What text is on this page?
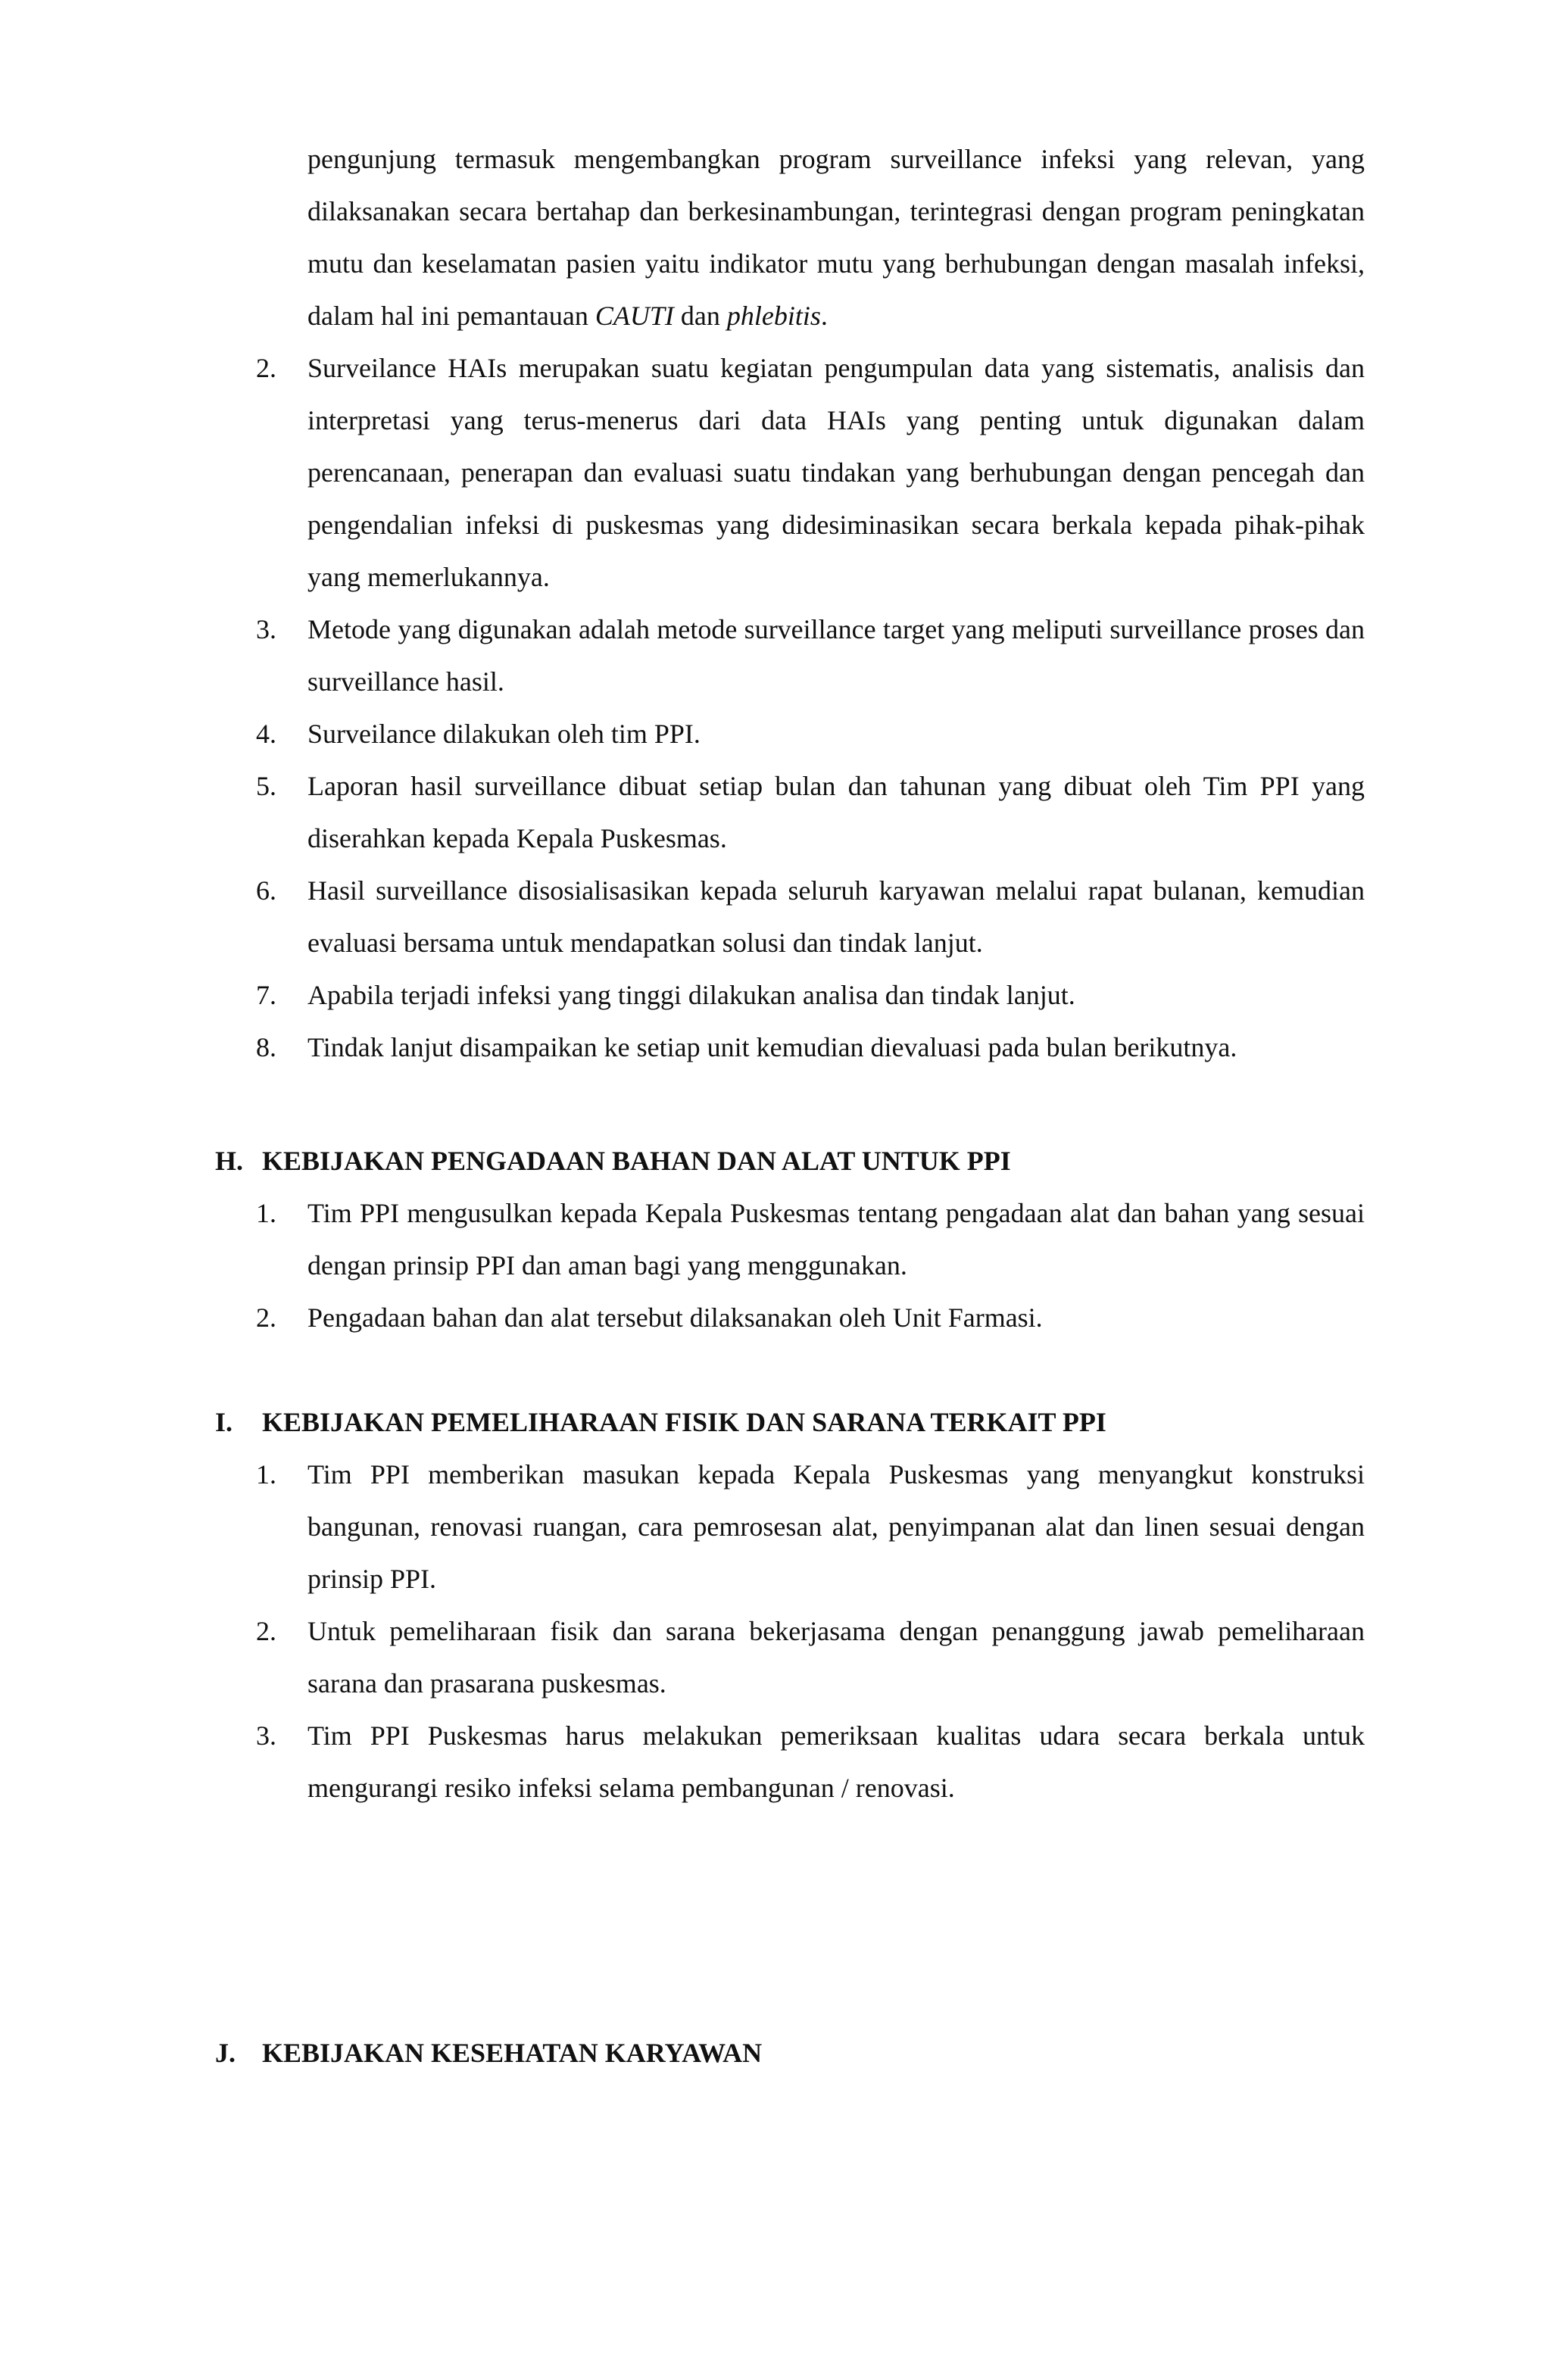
pengunjung termasuk mengembangkan program surveillance infeksi yang relevan, yang dilaksanakan secara bertahap dan berkesinambungan, terintegrasi dengan program peningkatan mutu dan keselamatan pasien yaitu indikator mutu yang berhubungan dengan masalah infeksi, dalam hal ini pemantauan CAUTI dan phlebitis.
2.	Surveilance HAIs merupakan suatu kegiatan pengumpulan data yang sistematis, analisis dan interpretasi yang terus-menerus dari data HAIs yang penting untuk digunakan dalam perencanaan, penerapan dan evaluasi suatu tindakan yang berhubungan dengan pencegah dan pengendalian infeksi di puskesmas yang didesiminasikan secara berkala kepada pihak-pihak yang memerlukannya.
3.	Metode yang digunakan adalah metode surveillance target yang meliputi surveillance proses dan surveillance hasil.
4.	Surveilance dilakukan oleh tim PPI.
5.	Laporan hasil surveillance dibuat setiap bulan dan tahunan yang dibuat oleh Tim PPI yang diserahkan kepada Kepala Puskesmas.
6.	Hasil surveillance disosialisasikan kepada seluruh karyawan melalui rapat bulanan, kemudian evaluasi bersama untuk mendapatkan solusi dan tindak lanjut.
7.	Apabila terjadi infeksi yang tinggi dilakukan analisa dan tindak lanjut.
8.	Tindak lanjut disampaikan ke setiap unit kemudian dievaluasi pada bulan berikutnya.
H. KEBIJAKAN PENGADAAN BAHAN DAN ALAT UNTUK PPI
1.	Tim PPI mengusulkan kepada Kepala Puskesmas tentang pengadaan alat dan bahan yang sesuai dengan prinsip PPI dan aman bagi yang menggunakan.
2.	Pengadaan bahan dan alat tersebut dilaksanakan oleh Unit Farmasi.
I. KEBIJAKAN PEMELIHARAAN FISIK DAN SARANA TERKAIT PPI
1.	Tim PPI memberikan masukan kepada Kepala Puskesmas yang menyangkut konstruksi bangunan, renovasi ruangan, cara pemrosesan alat, penyimpanan alat dan linen sesuai dengan prinsip PPI.
2.	Untuk pemeliharaan fisik dan sarana bekerjasama dengan penanggung jawab pemeliharaan sarana dan prasarana puskesmas.
3.	Tim PPI Puskesmas harus melakukan pemeriksaan kualitas udara secara berkala untuk mengurangi resiko infeksi selama pembangunan / renovasi.
J. KEBIJAKAN KESEHATAN KARYAWAN
